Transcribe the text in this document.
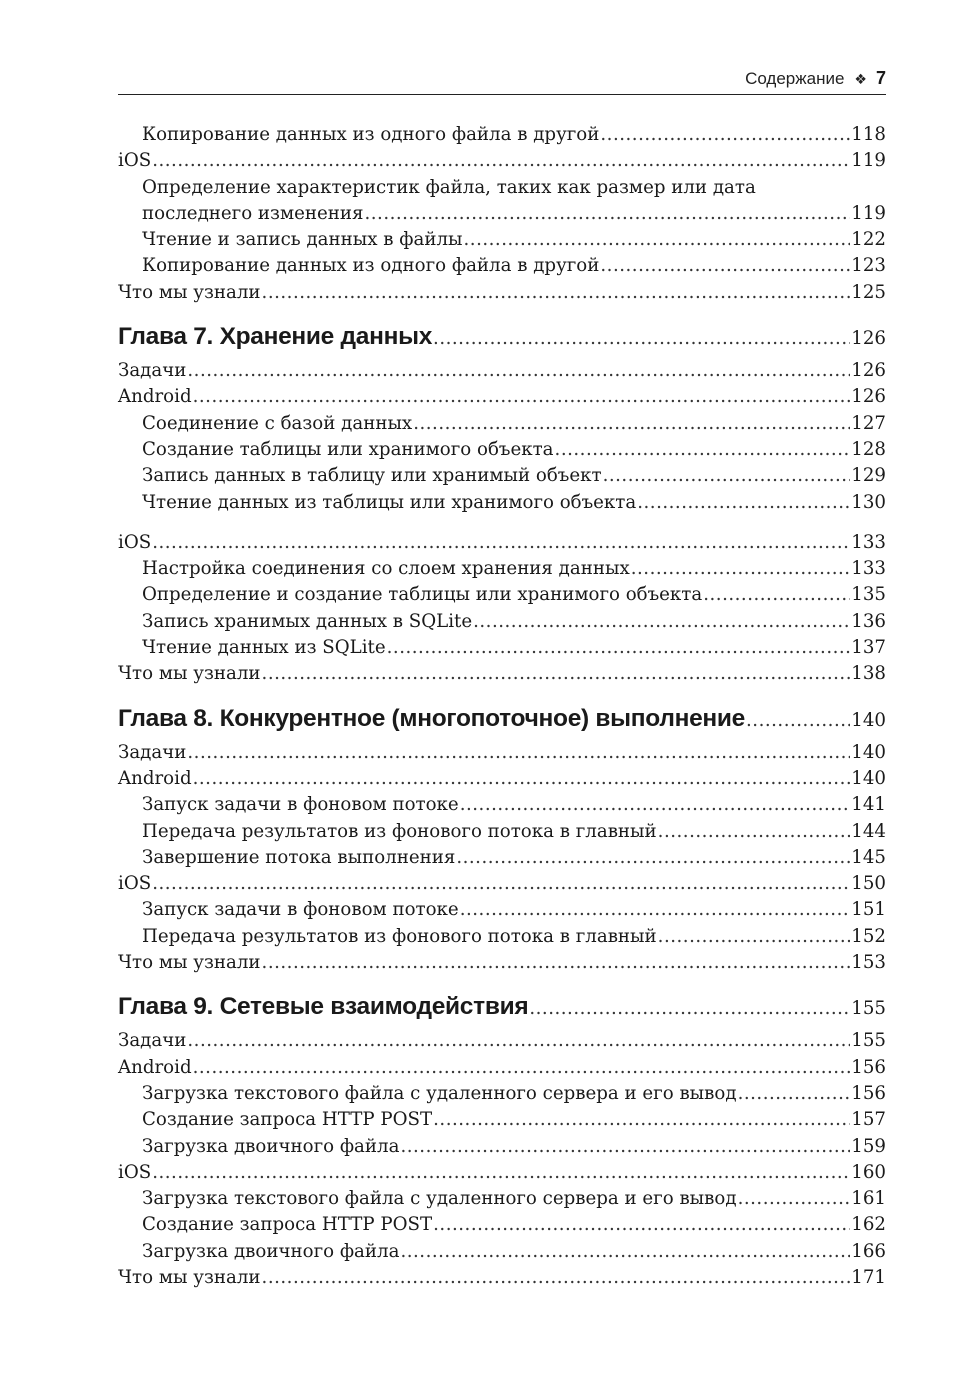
Содержание ❖ 7
Копирование данных из одного файла в другой .....	118
iOS .....	119
Определение характеристик файла, таких как размер или дата
последнего изменения .....	119
Чтение и запись данных в файлы .....	122
Копирование данных из одного файла в другой .....	123
Что мы узнали .....	125
Глава 7. Хранение данных .....	126
Задачи .....	126
Android .....	126
Соединение с базой данных .....	127
Создание таблицы или хранимого объекта .....	128
Запись данных в таблицу или хранимый объект .....	129
Чтение данных из таблицы или хранимого объекта .....	130
iOS .....	133
Настройка соединения со слоем хранения данных .....	133
Определение и создание таблицы или хранимого объекта .....	135
Запись хранимых данных в SQLite .....	136
Чтение данных из SQLite .....	137
Что мы узнали .....	138
Глава 8. Конкурентное (многопоточное) выполнение .....	140
Задачи .....	140
Android .....	140
Запуск задачи в фоновом потоке .....	141
Передача результатов из фонового потока в главный .....	144
Завершение потока выполнения .....	145
iOS .....	150
Запуск задачи в фоновом потоке .....	151
Передача результатов из фонового потока в главный .....	152
Что мы узнали .....	153
Глава 9. Сетевые взаимодействия .....	155
Задачи .....	155
Android .....	156
Загрузка текстового файла с удаленного сервера и его вывод .....	156
Создание запроса HTTP POST .....	157
Загрузка двоичного файла .....	159
iOS .....	160
Загрузка текстового файла с удаленного сервера и его вывод .....	161
Создание запроса HTTP POST .....	162
Загрузка двоичного файла .....	166
Что мы узнали .....	171
